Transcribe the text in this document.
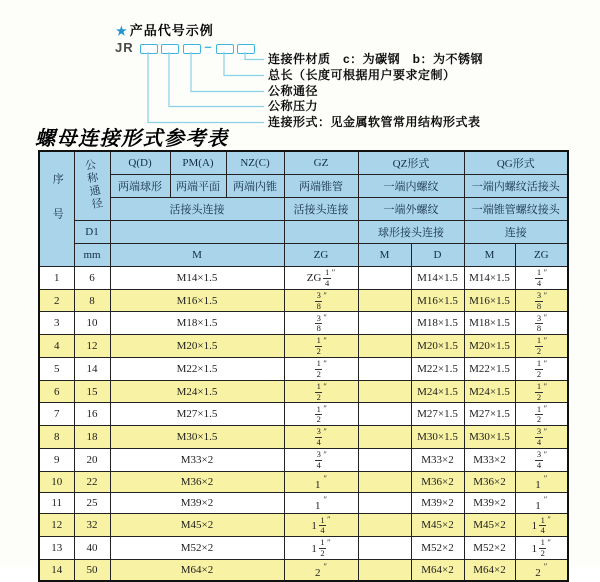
★ 产品代号示例
JR	–
连接件材质　c：为碳钢　b：为不锈钢
总长（长度可根据用户要求定制）
公称通径
公称压力
连接形式：见金属软管常用结构形式表
螺母连接形式参考表
序号	公称通径	Q(D)	PM(A)	NZ(C)	GZ	QZ形式		QG形式	
		两端球形	两端平面	两端内锥	两端锥管	一端内螺纹		一端内螺纹活接头	
		活接头连接			活接头连接	一端外螺纹		一端锥管螺纹接头	
	D1					球形接头连接		连接	
	mm	M			ZG	M	D	M	ZG
1	6	M14×1.5			ZG $\frac{1}{4} ''$		M14×1.5	M14×1.5	$\frac{1}{4} ''$
2	8	M16×1.5			$\frac{3}{8} ''$		M16×1.5	M16×1.5	$\frac{3}{8} ''$
3	10	M18×1.5			$\frac{3}{8} ''$		M18×1.5	M18×1.5	$\frac{3}{8} ''$
4	12	M20×1.5			$\frac{1}{2} ''$		M20×1.5	M20×1.5	$\frac{1}{2} ''$
5	14	M22×1.5			$\frac{1}{2} ''$		M22×1.5	M22×1.5	$\frac{1}{2} ''$
6	15	M24×1.5			$\frac{1}{2} ''$		M24×1.5	M24×1.5	$\frac{1}{2} ''$
7	16	M27×1.5			$\frac{1}{2} ''$		M27×1.5	M27×1.5	$\frac{1}{2} ''$
8	18	M30×1.5			$\frac{3}{4} ''$		M30×1.5	M30×1.5	$\frac{3}{4} ''$
9	20	M33×2			$\frac{3}{4} ''$		M33×2	M33×2	$\frac{3}{4} ''$
10	22	M36×2			1″		M36×2	M36×2	1″
11	25	M39×2			1″		M39×2	M39×2	1″
12	32	M45×2			$1 \frac{1}{4} ''$		M45×2	M45×2	$1 \frac{1}{4} ''$
13	40	M52×2			$1 \frac{1}{2} ''$		M52×2	M52×2	$1 \frac{1}{2} ''$
14	50	M64×2			2″		M64×2	M64×2	2″
